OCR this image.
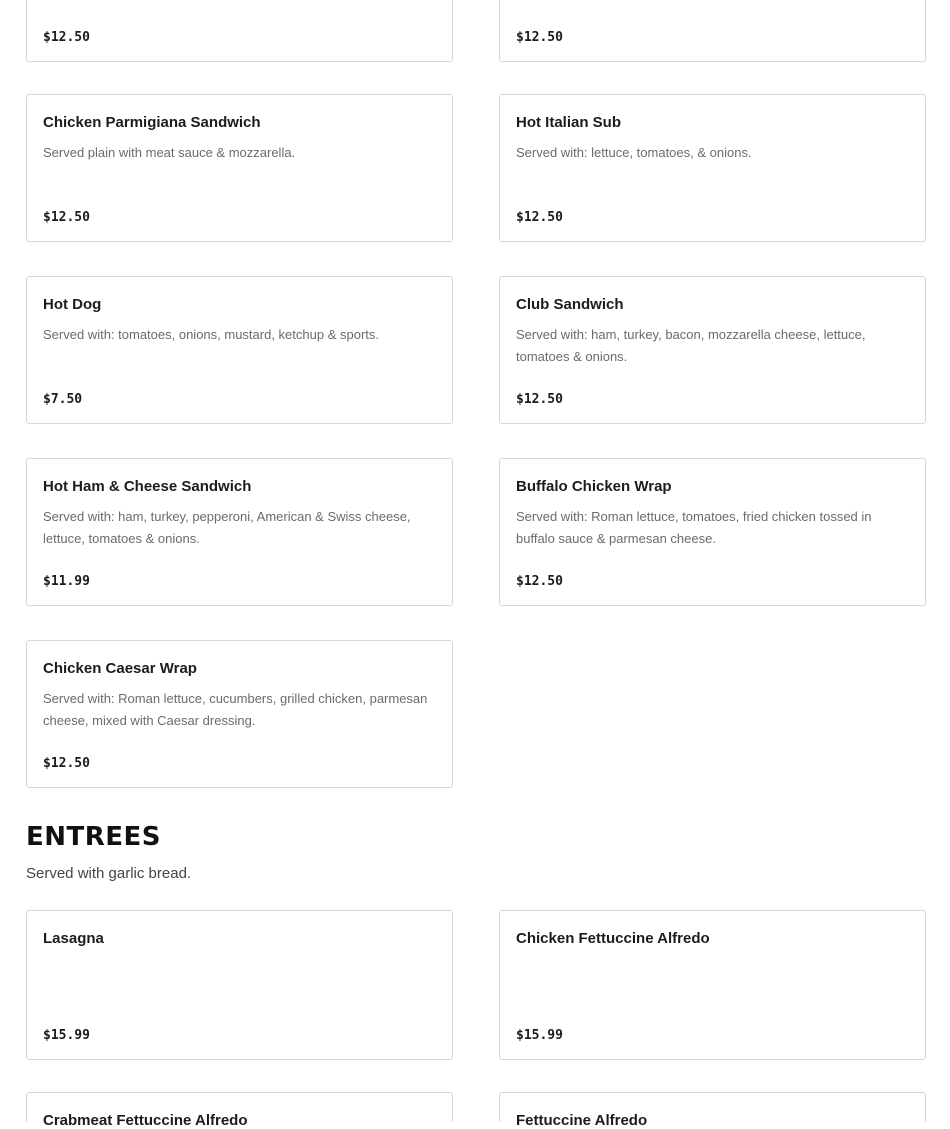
$12.50	$12.50
Chicken Parmigiana Sandwich
Served plain with meat sauce & mozzarella.
$12.50
Hot Italian Sub
Served with: lettuce, tomatoes, & onions.
$12.50
Hot Dog
Served with: tomatoes, onions, mustard, ketchup & sports.
$7.50
Club Sandwich
Served with: ham, turkey, bacon, mozzarella cheese, lettuce, tomatoes & onions.
$12.50
Hot Ham & Cheese Sandwich
Served with: ham, turkey, pepperoni, American & Swiss cheese, lettuce, tomatoes & onions.
$11.99
Buffalo Chicken Wrap
Served with: Roman lettuce, tomatoes, fried chicken tossed in buffalo sauce & parmesan cheese.
$12.50
Chicken Caesar Wrap
Served with: Roman lettuce, cucumbers, grilled chicken, parmesan cheese, mixed with Caesar dressing.
$12.50
ENTREES
Served with garlic bread.
Lasagna
$15.99
Chicken Fettuccine Alfredo
$15.99
Crabmeat Fettuccine Alfredo	Fettuccine Alfredo
